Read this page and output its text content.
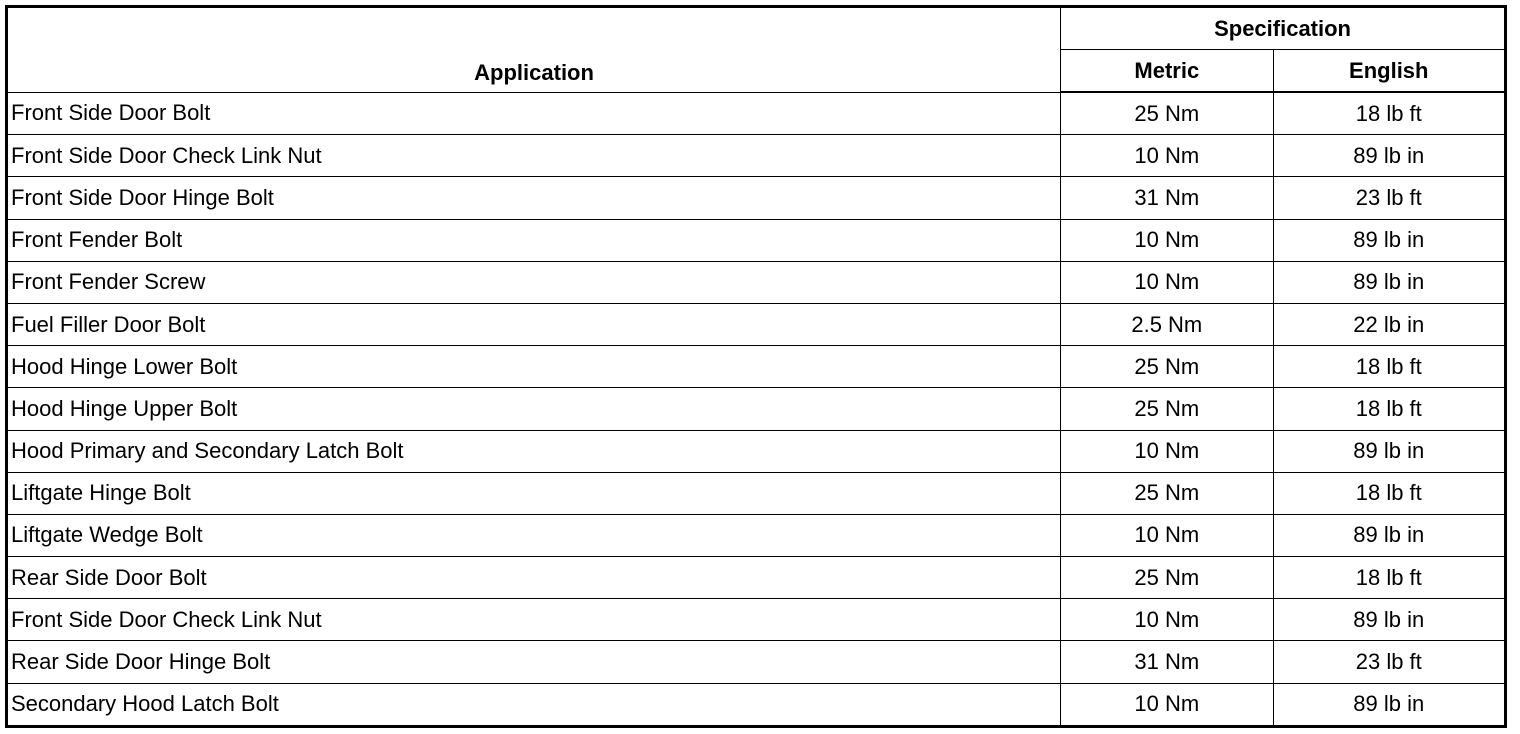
Application	Specification	
	Metric	English
Front Side Door Bolt	25 Nm	18 lb ft
Front Side Door Check Link Nut	10 Nm	89 lb in
Front Side Door Hinge Bolt	31 Nm	23 lb ft
Front Fender Bolt	10 Nm	89 lb in
Front Fender Screw	10 Nm	89 lb in
Fuel Filler Door Bolt	2.5 Nm	22 lb in
Hood Hinge Lower Bolt	25 Nm	18 lb ft
Hood Hinge Upper Bolt	25 Nm	18 lb ft
Hood Primary and Secondary Latch Bolt	10 Nm	89 lb in
Liftgate Hinge Bolt	25 Nm	18 lb ft
Liftgate Wedge Bolt	10 Nm	89 lb in
Rear Side Door Bolt	25 Nm	18 lb ft
Front Side Door Check Link Nut	10 Nm	89 lb in
Rear Side Door Hinge Bolt	31 Nm	23 lb ft
Secondary Hood Latch Bolt	10 Nm	89 lb in
